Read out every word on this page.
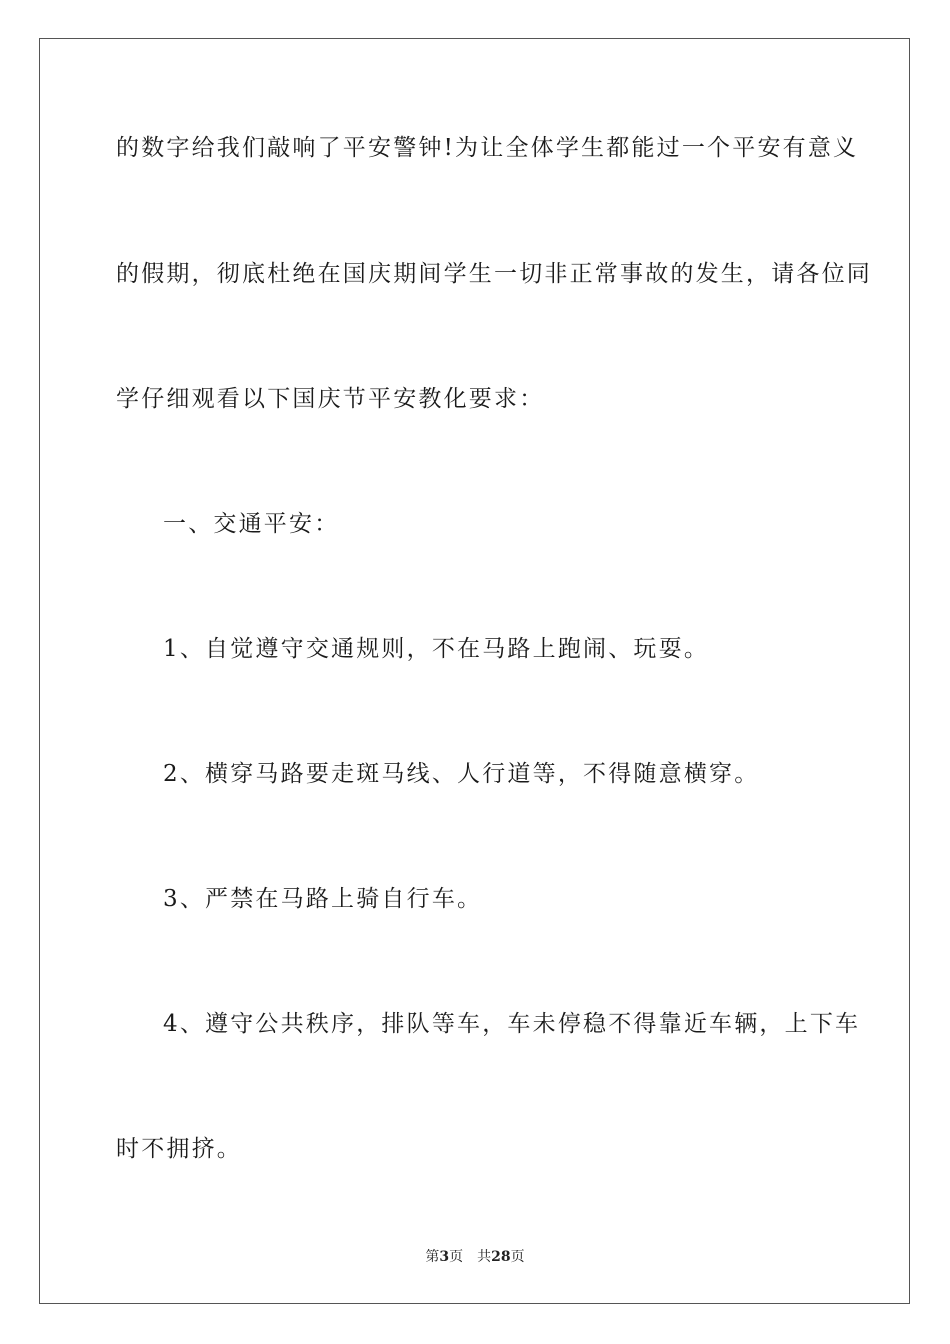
的数字给我们敲响了平安警钟!为让全体学生都能过一个平安有意义
的假期，彻底杜绝在国庆期间学生一切非正常事故的发生，请各位同
学仔细观看以下国庆节平安教化要求：
一、交通平安：
1、自觉遵守交通规则，不在马路上跑闹、玩耍。
2、横穿马路要走斑马线、人行道等，不得随意横穿。
3、严禁在马路上骑自行车。
4、遵守公共秩序，排队等车，车未停稳不得靠近车辆，上下车
时不拥挤。
第3页 共28页
